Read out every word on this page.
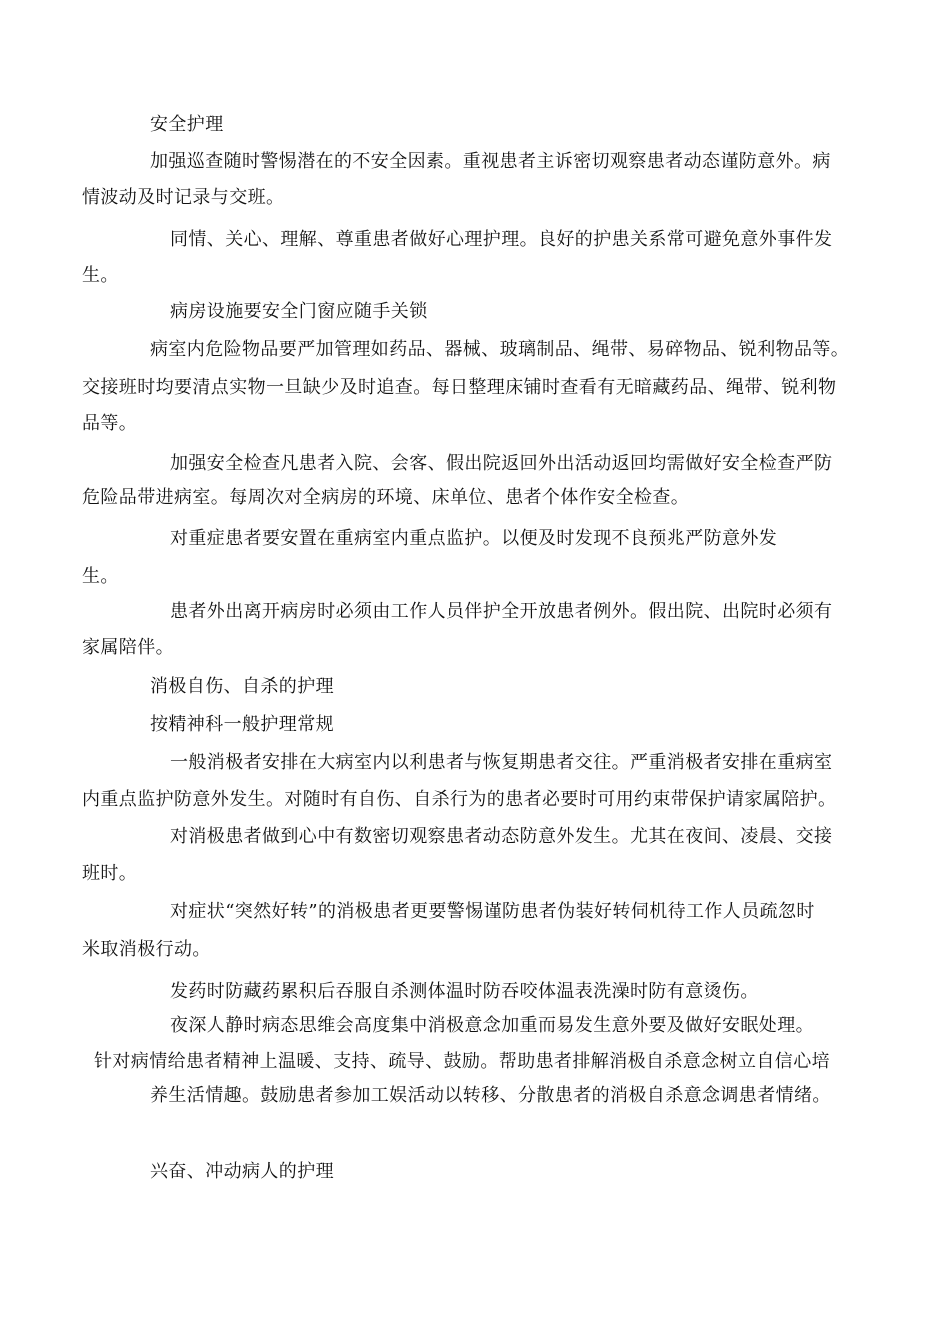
安全护理
加强巡查随时警惕潜在的不安全因素。重视患者主诉密切观察患者动态谨防意外。病
情波动及时记录与交班。
同情、关心、理解、尊重患者做好心理护理。良好的护患关系常可避免意外事件发
生。
病房设施要安全门窗应随手关锁
病室内危险物品要严加管理如药品、器械、玻璃制品、绳带、易碎物品、锐利物品等。
交接班时均要清点实物一旦缺少及时追查。每日整理床铺时查看有无暗藏药品、绳带、锐利物
品等。
加强安全检查凡患者入院、会客、假出院返回外出活动返回均需做好安全检查严防
危险品带进病室。每周次对全病房的环境、床单位、患者个体作安全检查。
对重症患者要安置在重病室内重点监护。以便及时发现不良预兆严防意外发
生。
患者外出离开病房时必须由工作人员伴护全开放患者例外。假出院、出院时必须有
家属陪伴。
消极自伤、自杀的护理
按精神科一般护理常规
一般消极者安排在大病室内以利患者与恢复期患者交往。严重消极者安排在重病室
内重点监护防意外发生。对随时有自伤、自杀行为的患者必要时可用约束带保护请家属陪护。
对消极患者做到心中有数密切观察患者动态防意外发生。尤其在夜间、凌晨、交接
班时。
对症状“突然好转”的消极患者更要警惕谨防患者伪装好转伺机待工作人员疏忽时
米取消极行动。
发药时防藏药累积后吞服自杀测体温时防吞咬体温表洗澡时防有意烫伤。
夜深人静时病态思维会高度集中消极意念加重而易发生意外要及做好安眠处理。
针对病情给患者精神上温暖、支持、疏导、鼓励。帮助患者排解消极自杀意念树立自信心培
养生活情趣。鼓励患者参加工娱活动以转移、分散患者的消极自杀意念调患者情绪。
兴奋、冲动病人的护理
